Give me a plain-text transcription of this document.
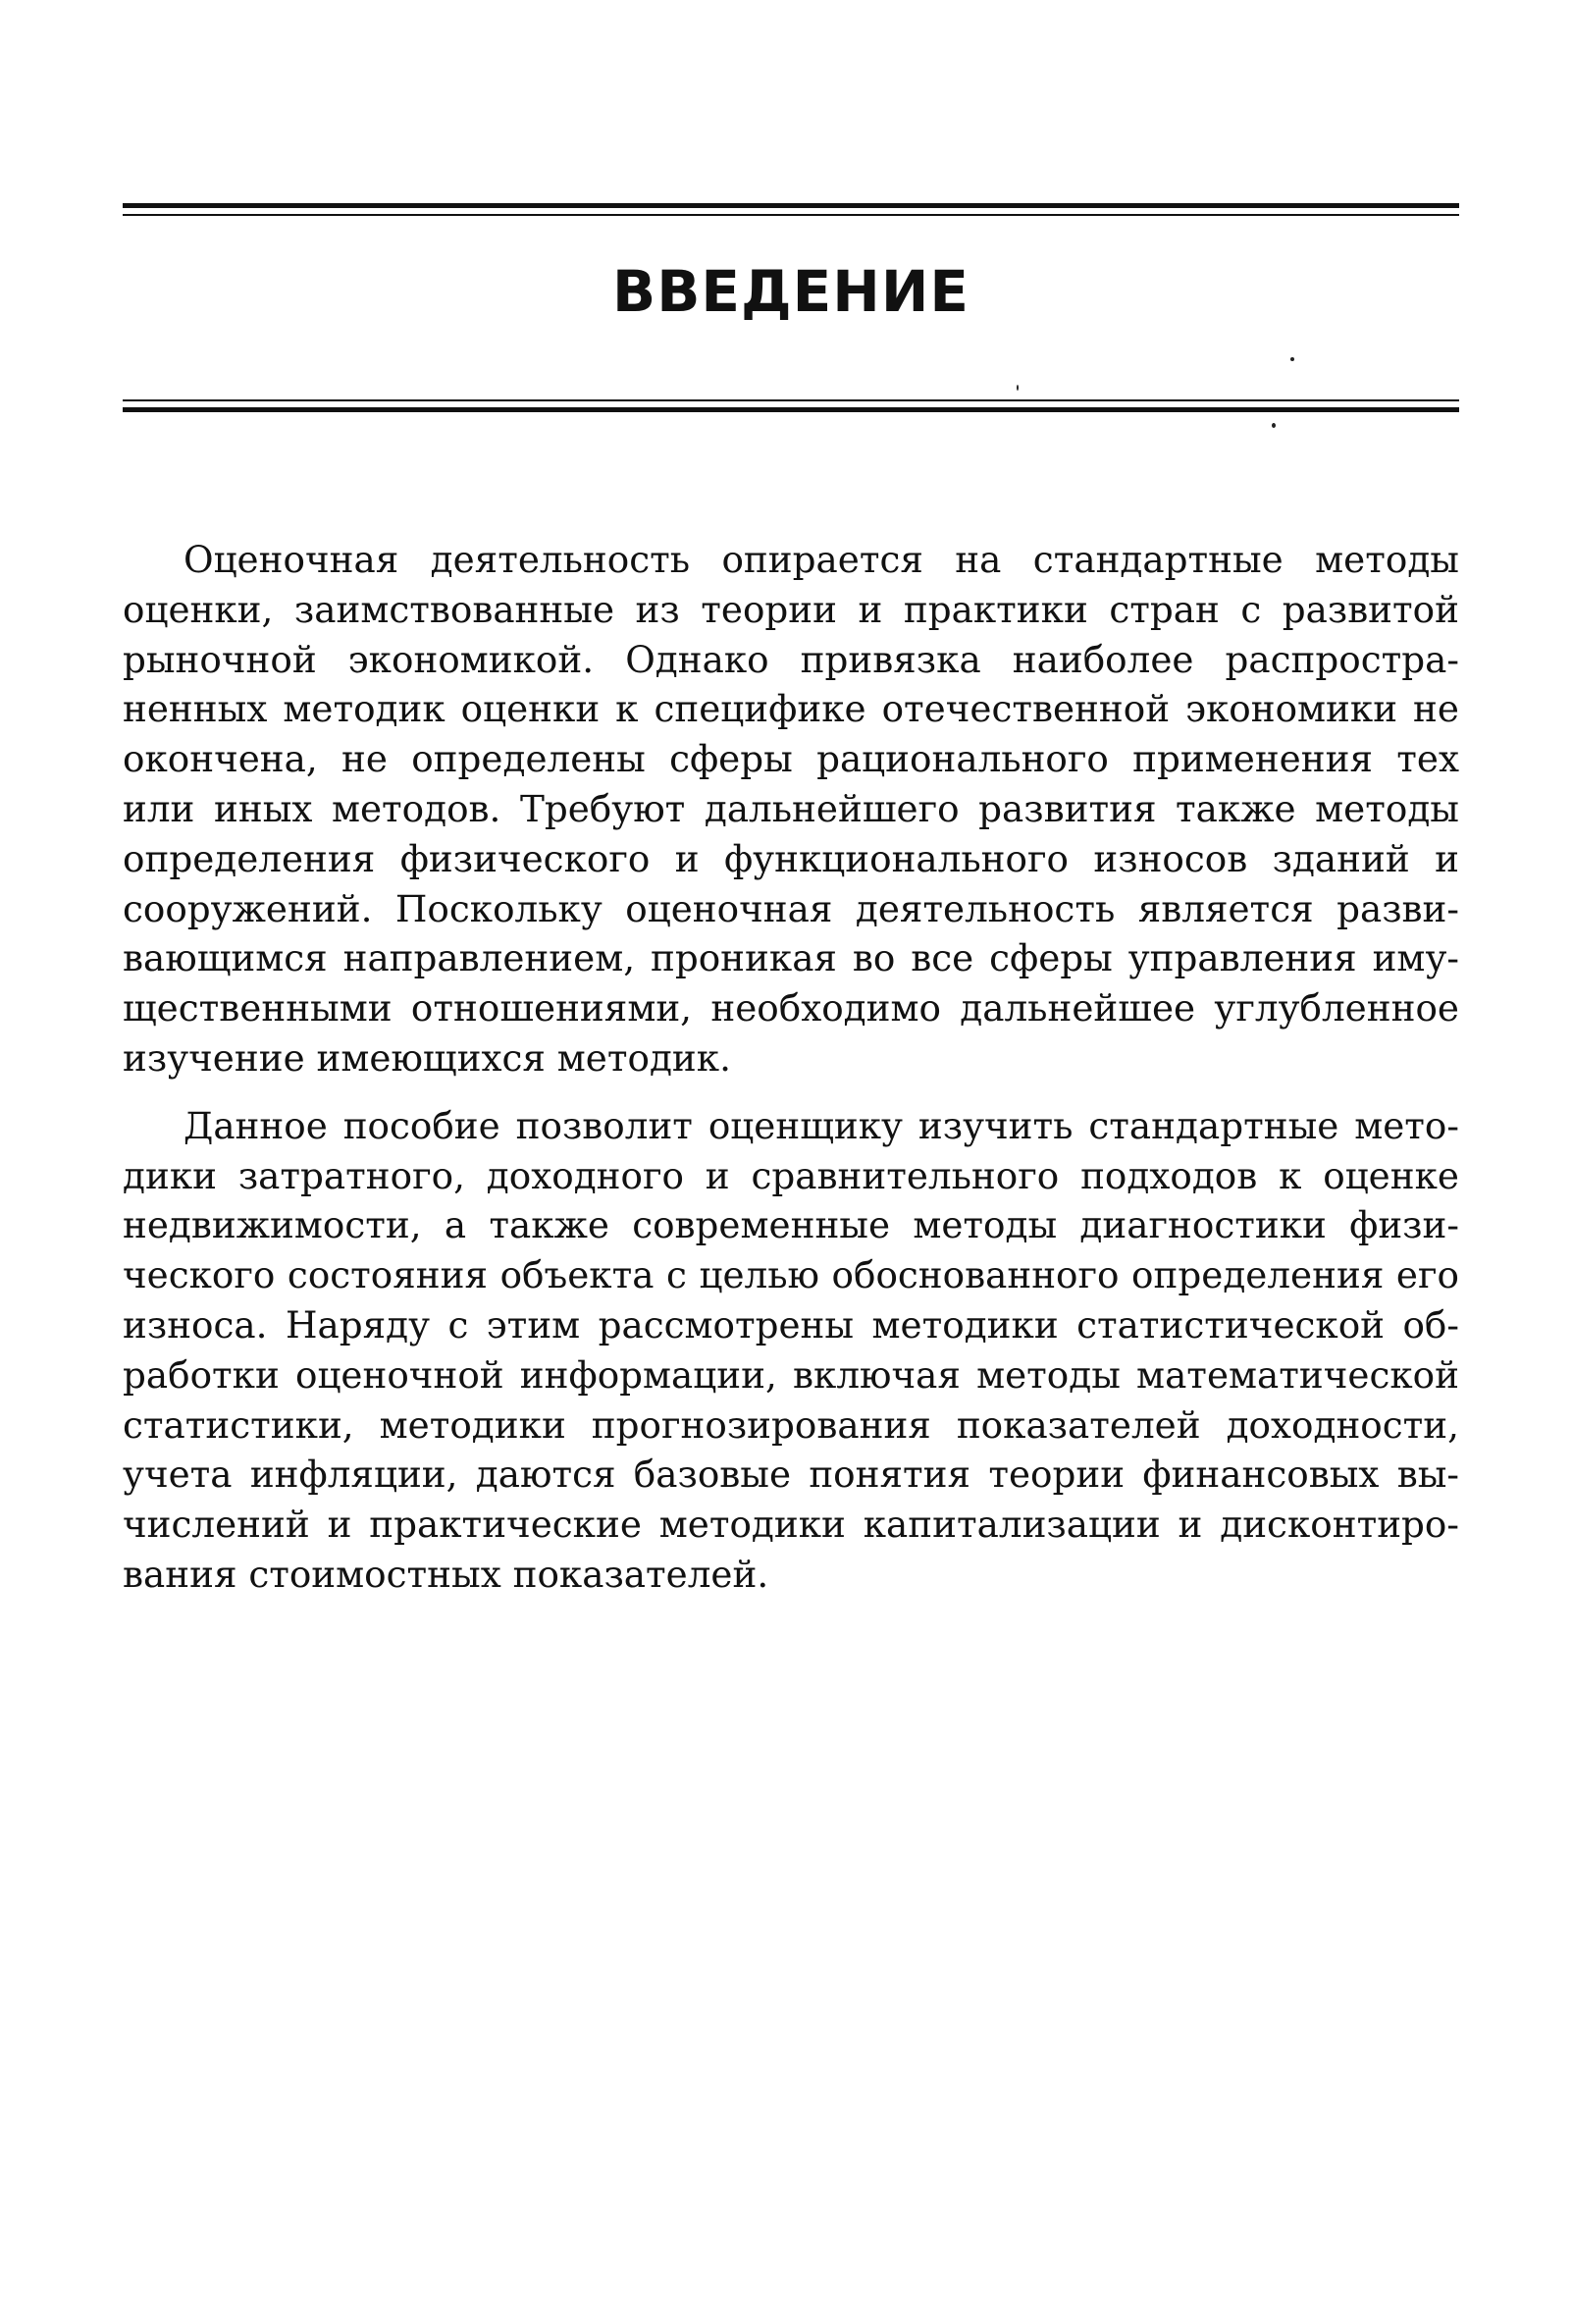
ВВЕДЕНИЕ

Оценочная деятельность опирается на стандартные методы оценки, заимствованные из теории и практики стран с развитой рыночной экономикой. Однако привязка наиболее распространенных методик оценки к специфике отечественной экономики не окончена, не определены сферы рационального применения тех или иных методов. Требуют дальнейшего развития также методы определения физического и функционального износов зданий и сооружений. Поскольку оценочная деятельность является развивающимся направлением, проникая во все сферы управления имущественными отношениями, необходимо дальнейшее углубленное изучение имеющихся методик.

Данное пособие позволит оценщику изучить стандартные методики затратного, доходного и сравнительного подходов к оценке недвижимости, а также современные методы диагностики физического состояния объекта с целью обоснованного определения его износа. Наряду с этим рассмотрены методики статистической обработки оценочной информации, включая методы математической статистики, методики прогнозирования показателей доходности, учета инфляции, даются базовые понятия теории финансовых вычислений и практические методики капитализации и дисконтирования стоимостных показателей.
